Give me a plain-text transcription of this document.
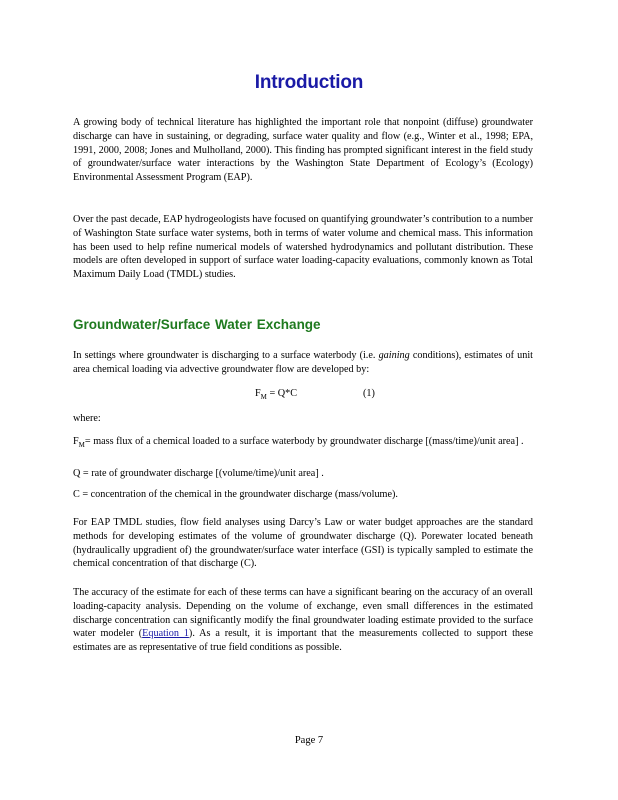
Introduction

A growing body of technical literature has highlighted the important role that nonpoint (diffuse) groundwater discharge can have in sustaining, or degrading, surface water quality and flow (e.g., Winter et al., 1998; EPA, 1991, 2000, 2008; Jones and Mulholland, 2000). This finding has prompted significant interest in the field study of groundwater/surface water interactions by the Washington State Department of Ecology’s (Ecology) Environmental Assessment Program (EAP).

Over the past decade, EAP hydrogeologists have focused on quantifying groundwater’s contribution to a number of Washington State surface water systems, both in terms of water volume and chemical mass. This information has been used to help refine numerical models of watershed hydrodynamics and pollutant distribution. These models are often developed in support of surface water loading-capacity evaluations, commonly known as Total Maximum Daily Load (TMDL) studies.

Groundwater/Surface Water Exchange

In settings where groundwater is discharging to a surface waterbody (i.e. gaining conditions), estimates of unit area chemical loading via advective groundwater flow are developed by:

$F_M = Q*C$	(1)

where:

$F_M=$ mass flux of a chemical loaded to a surface waterbody by groundwater discharge [(mass/time)/unit area] .

Q = rate of groundwater discharge [(volume/time)/unit area] .

C = concentration of the chemical in the groundwater discharge (mass/volume).

For EAP TMDL studies, flow field analyses using Darcy’s Law or water budget approaches are the standard methods for developing estimates of the volume of groundwater discharge (Q). Porewater located beneath (hydraulically upgradient of) the groundwater/surface water interface (GSI) is typically sampled to estimate the chemical concentration of that discharge (C).

The accuracy of the estimate for each of these terms can have a significant bearing on the accuracy of an overall loading-capacity analysis. Depending on the volume of exchange, even small differences in the estimated discharge concentration can significantly modify the final groundwater loading estimate provided to the surface water modeler (Equation 1). As a result, it is important that the measurements collected to support these estimates are as representative of true field conditions as possible.

Page 7
